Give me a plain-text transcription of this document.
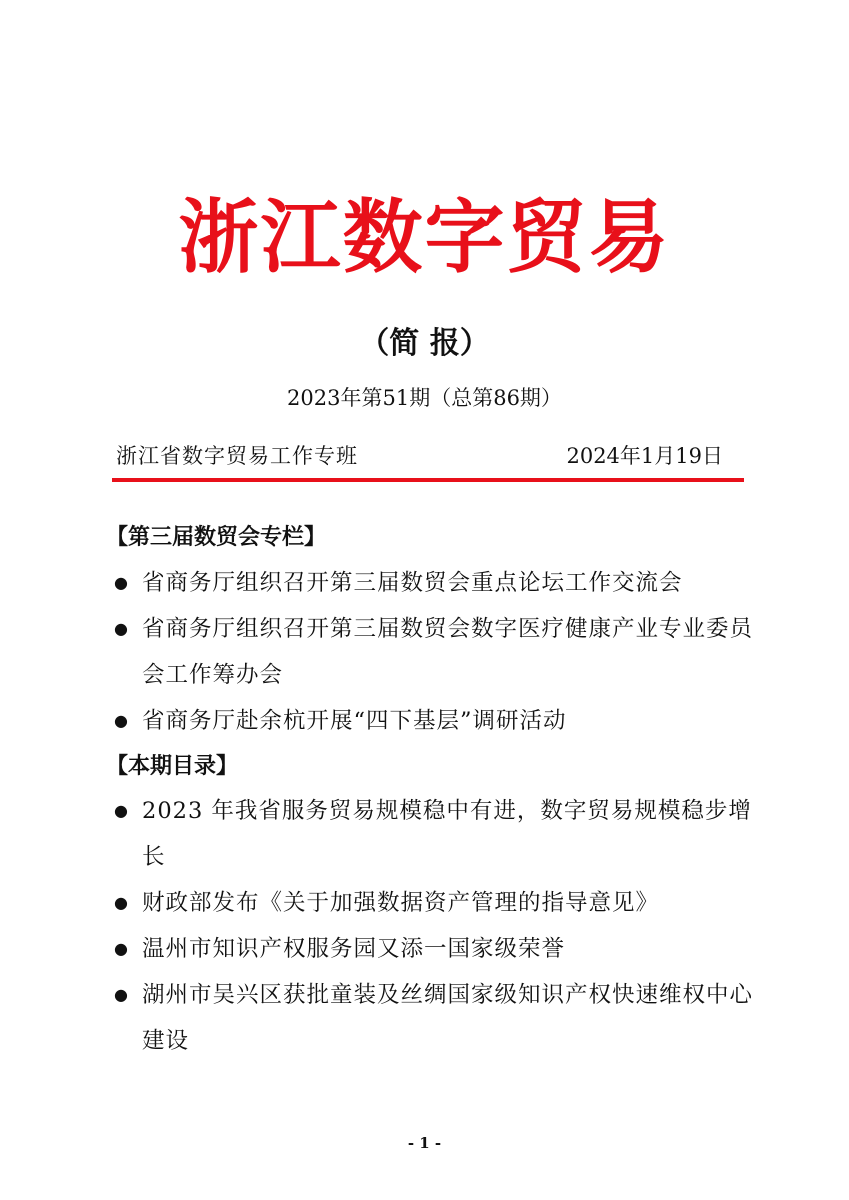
浙江数字贸易
（简 报）
2023年第51期（总第86期）
浙江省数字贸易工作专班	2024年1月19日
【第三届数贸会专栏】
● 省商务厅组织召开第三届数贸会重点论坛工作交流会
● 省商务厅组织召开第三届数贸会数字医疗健康产业专业委员会工作筹办会
● 省商务厅赴余杭开展“四下基层”调研活动
【本期目录】
● 2023 年我省服务贸易规模稳中有进，数字贸易规模稳步增长
● 财政部发布《关于加强数据资产管理的指导意见》
● 温州市知识产权服务园又添一国家级荣誉
● 湖州市吴兴区获批童装及丝绸国家级知识产权快速维权中心建设
- 1 -
